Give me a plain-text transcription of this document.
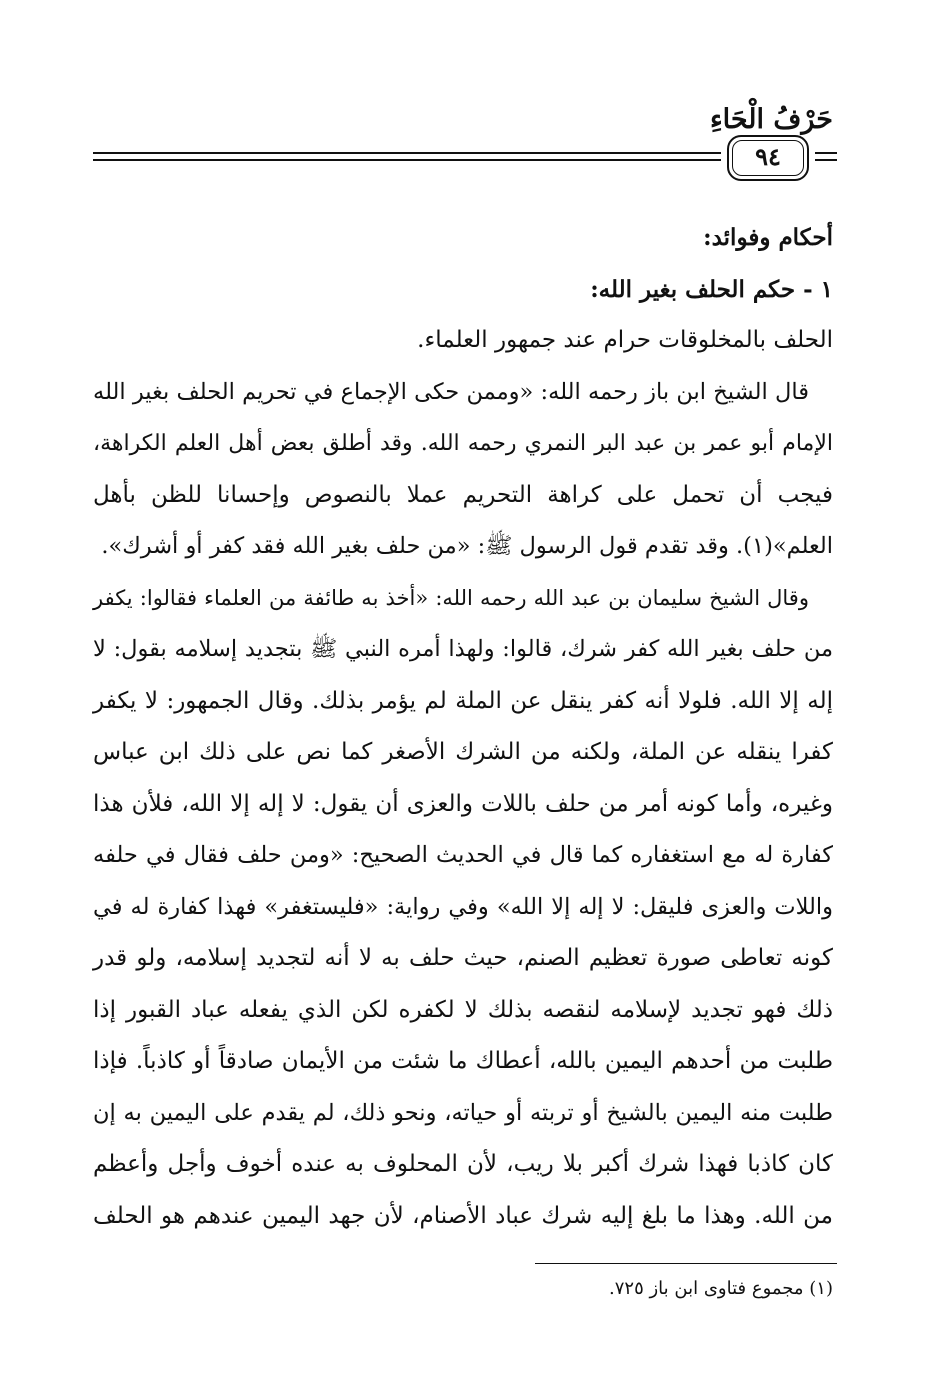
حَرْفُ الْحَاءِ
٩٤
أحكام وفوائد:
١ - حكم الحلف بغير الله:
الحلف بالمخلوقات حرام عند جمهور العلماء.
قال الشيخ ابن باز رحمه الله: «وممن حكى الإجماع في تحريم الحلف بغير الله
الإمام أبو عمر بن عبد البر النمري رحمه الله. وقد أطلق بعض أهل العلم الكراهة،
فيجب أن تحمل على كراهة التحريم عملا بالنصوص وإحسانا للظن بأهل
العلم»(١). وقد تقدم قول الرسول ﷺ: «من حلف بغير الله فقد كفر أو أشرك».
وقال الشيخ سليمان بن عبد الله رحمه الله: «أخذ به طائفة من العلماء فقالوا: يكفر
من حلف بغير الله كفر شرك، قالوا: ولهذا أمره النبي ﷺ بتجديد إسلامه بقول: لا
إله إلا الله. فلولا أنه كفر ينقل عن الملة لم يؤمر بذلك. وقال الجمهور: لا يكفر
كفرا ينقله عن الملة، ولكنه من الشرك الأصغر كما نص على ذلك ابن عباس
وغيره، وأما كونه أمر من حلف باللات والعزى أن يقول: لا إله إلا الله، فلأن هذا
كفارة له مع استغفاره كما قال في الحديث الصحيح: «ومن حلف فقال في حلفه
واللات والعزى فليقل: لا إله إلا الله» وفي رواية: «فليستغفر» فهذا كفارة له في
كونه تعاطى صورة تعظيم الصنم، حيث حلف به لا أنه لتجديد إسلامه، ولو قدر
ذلك فهو تجديد لإسلامه لنقصه بذلك لا لكفره لكن الذي يفعله عباد القبور إذا
طلبت من أحدهم اليمين بالله، أعطاك ما شئت من الأيمان صادقاً أو كاذباً. فإذا
طلبت منه اليمين بالشيخ أو تربته أو حياته، ونحو ذلك، لم يقدم على اليمين به إن
كان كاذبا فهذا شرك أكبر بلا ريب، لأن المحلوف به عنده أخوف وأجل وأعظم
من الله. وهذا ما بلغ إليه شرك عباد الأصنام، لأن جهد اليمين عندهم هو الحلف
(١) مجموع فتاوى ابن باز ٧٢٥.
